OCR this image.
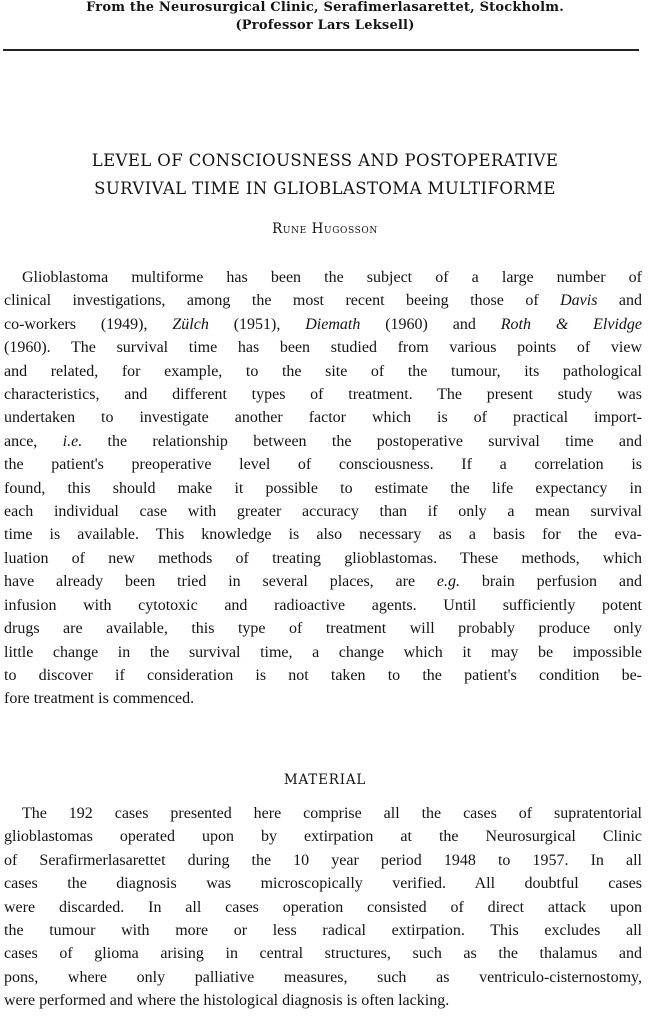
From the Neurosurgical Clinic, Serafimerlasarettet, Stockholm.
(Professor Lars Leksell)
LEVEL OF CONSCIOUSNESS AND POSTOPERATIVE
SURVIVAL TIME IN GLIOBLASTOMA MULTIFORME
Rune Hugosson
Glioblastoma multiforme has been the subject of a large number of
clinical investigations, among the most recent beeing those of Davis and
co-workers (1949), Zülch (1951), Diemath (1960) and Roth & Elvidge
(1960). The survival time has been studied from various points of view
and related, for example, to the site of the tumour, its pathological
characteristics, and different types of treatment. The present study was
undertaken to investigate another factor which is of practical import-
ance, i.e. the relationship between the postoperative survival time and
the patient's preoperative level of consciousness. If a correlation is
found, this should make it possible to estimate the life expectancy in
each individual case with greater accuracy than if only a mean survival
time is available. This knowledge is also necessary as a basis for the eva-
luation of new methods of treating glioblastomas. These methods, which
have already been tried in several places, are e.g. brain perfusion and
infusion with cytotoxic and radioactive agents. Until sufficiently potent
drugs are available, this type of treatment will probably produce only
little change in the survival time, a change which it may be impossible
to discover if consideration is not taken to the patient's condition be-
fore treatment is commenced.
MATERIAL
The 192 cases presented here comprise all the cases of supratentorial
glioblastomas operated upon by extirpation at the Neurosurgical Clinic
of Serafirmerlasarettet during the 10 year period 1948 to 1957. In all
cases the diagnosis was microscopically verified. All doubtful cases
were discarded. In all cases operation consisted of direct attack upon
the tumour with more or less radical extirpation. This excludes all
cases of glioma arising in central structures, such as the thalamus and
pons, where only palliative measures, such as ventriculo-cisternostomy,
were performed and where the histological diagnosis is often lacking.
